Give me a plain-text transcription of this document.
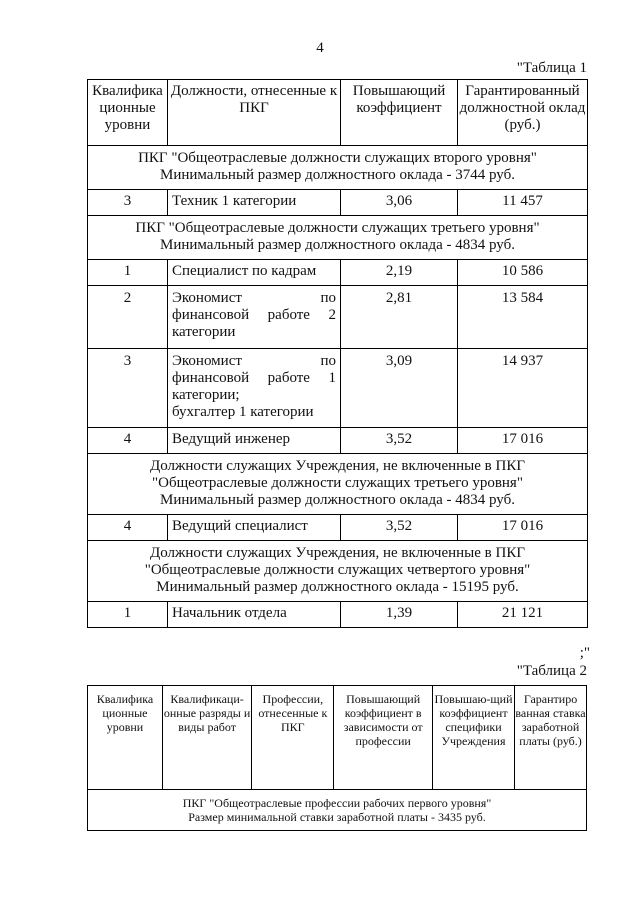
4
"Таблица 1
Квалифика ционные уровни	Должности, отнесенные к ПКГ	Повышающий коэффициент	Гарантированный должностной оклад (руб.)

ПКГ "Общеотраслевые должности служащих второго уровня"
Минимальный размер должностного оклада - 3744 руб.			

3	Техник 1 категории	3,06	11 457

ПКГ "Общеотраслевые должности служащих третьего уровня"
Минимальный размер должностного оклада - 4834 руб.			

1	Специалист по кадрам	2,19	10 586
2	Экономист по
финансовой работе 2
категории	2,81	13 584
3	Экономист по
финансовой работе 1
категории;
бухгалтер 1 категории	3,09	14 937
4	Ведущий инженер	3,52	17 016

Должности служащих Учреждения, не включенные в ПКГ
"Общеотраслевые должности служащих третьего уровня"
Минимальный размер должностного оклада - 4834 руб.			

4	Ведущий специалист	3,52	17 016

Должности служащих Учреждения, не включенные в ПКГ
"Общеотраслевые должности служащих четвертого уровня"
Минимальный размер должностного оклада - 15195 руб.			

1	Начальник отдела	1,39	21 121
;"
"Таблица 2
Квалифика ционные уровни	Квалификаци-онные разряды и виды работ	Профессии, отнесенные к ПКГ	Повышающий коэффициент в зависимости от профессии	Повышаю-щий коэффициент специфики Учреждения	Гарантиро ванная ставка заработной платы (руб.)

ПКГ "Общеотраслевые профессии рабочих первого уровня"
Размер минимальной ставки заработной платы - 3435 руб.
